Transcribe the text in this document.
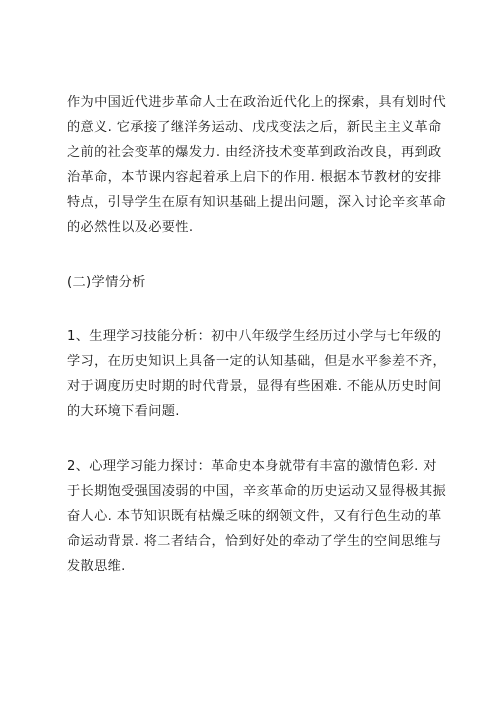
作为中国近代进步革命人士在政治近代化上的探索，具有划时代
的意义. 它承接了继洋务运动、戊戌变法之后，新民主主义革命
之前的社会变革的爆发力. 由经济技术变革到政治改良，再到政
治革命，本节课内容起着承上启下的作用. 根据本节教材的安排
特点，引导学生在原有知识基础上提出问题，深入讨论辛亥革命
的必然性以及必要性.
(二)学情分析
1、生理学习技能分析：初中八年级学生经历过小学与七年级的
学习，在历史知识上具备一定的认知基础，但是水平参差不齐，
对于调度历史时期的时代背景，显得有些困难. 不能从历史时间
的大环境下看问题.
2、心理学习能力探讨：革命史本身就带有丰富的激情色彩. 对
于长期饱受强国凌弱的中国，辛亥革命的历史运动又显得极其振
奋人心. 本节知识既有枯燥乏味的纲领文件，又有行色生动的革
命运动背景. 将二者结合，恰到好处的牵动了学生的空间思维与
发散思维.
